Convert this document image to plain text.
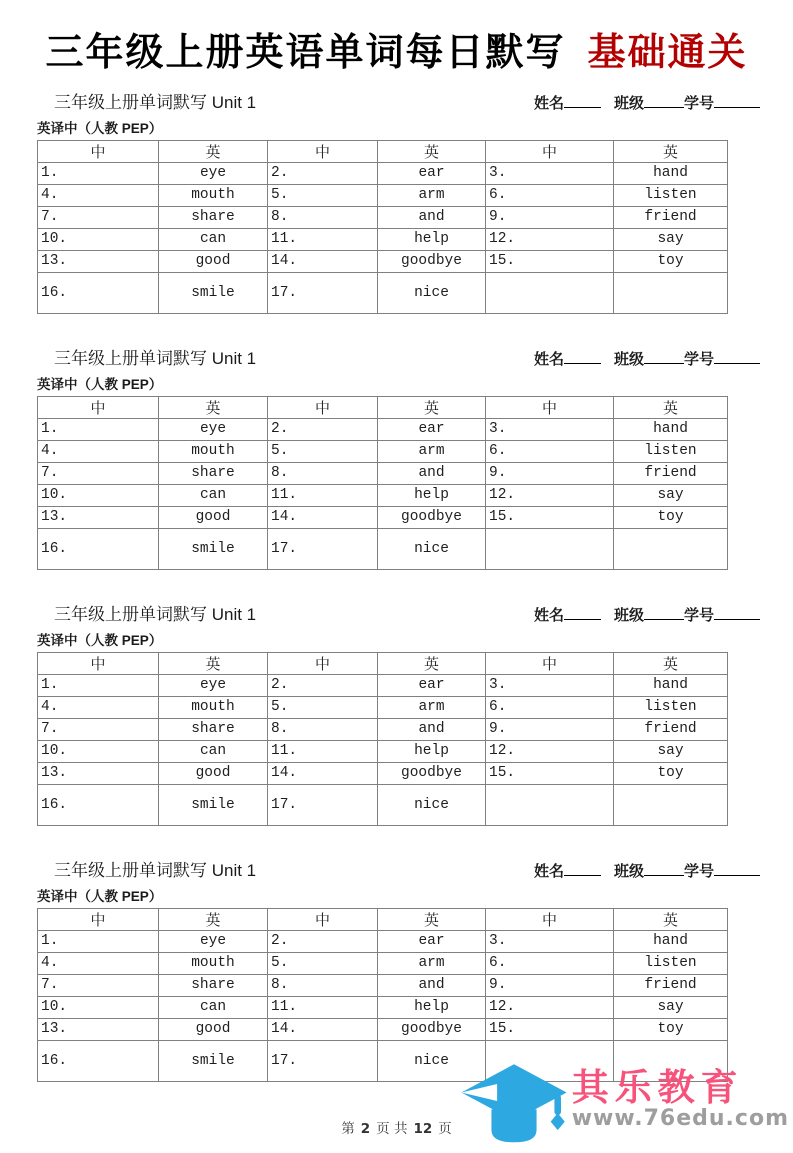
三年级上册英语单词每日默写 基础通关
三年级上册单词默写 Unit 1	姓名	班级	学号
英译中（人教 PEP）
中	英	中	英	中	英
1.	eye	2.	ear	3.	hand
4.	mouth	5.	arm	6.	listen
7.	share	8.	and	9.	friend
10.	can	11.	help	12.	say
13.	good	14.	goodbye	15.	toy
16.	smile	17.	nice		
三年级上册单词默写 Unit 1	姓名	班级	学号
英译中（人教 PEP）
中	英	中	英	中	英
1.	eye	2.	ear	3.	hand
4.	mouth	5.	arm	6.	listen
7.	share	8.	and	9.	friend
10.	can	11.	help	12.	say
13.	good	14.	goodbye	15.	toy
16.	smile	17.	nice		
三年级上册单词默写 Unit 1	姓名	班级	学号
英译中（人教 PEP）
中	英	中	英	中	英
1.	eye	2.	ear	3.	hand
4.	mouth	5.	arm	6.	listen
7.	share	8.	and	9.	friend
10.	can	11.	help	12.	say
13.	good	14.	goodbye	15.	toy
16.	smile	17.	nice		
三年级上册单词默写 Unit 1	姓名	班级	学号
英译中（人教 PEP）
中	英	中	英	中	英
1.	eye	2.	ear	3.	hand
4.	mouth	5.	arm	6.	listen
7.	share	8.	and	9.	friend
10.	can	11.	help	12.	say
13.	good	14.	goodbye	15.	toy
16.	smile	17.	nice		
第 2 页 共 12 页
其乐教育
www.76edu.com
